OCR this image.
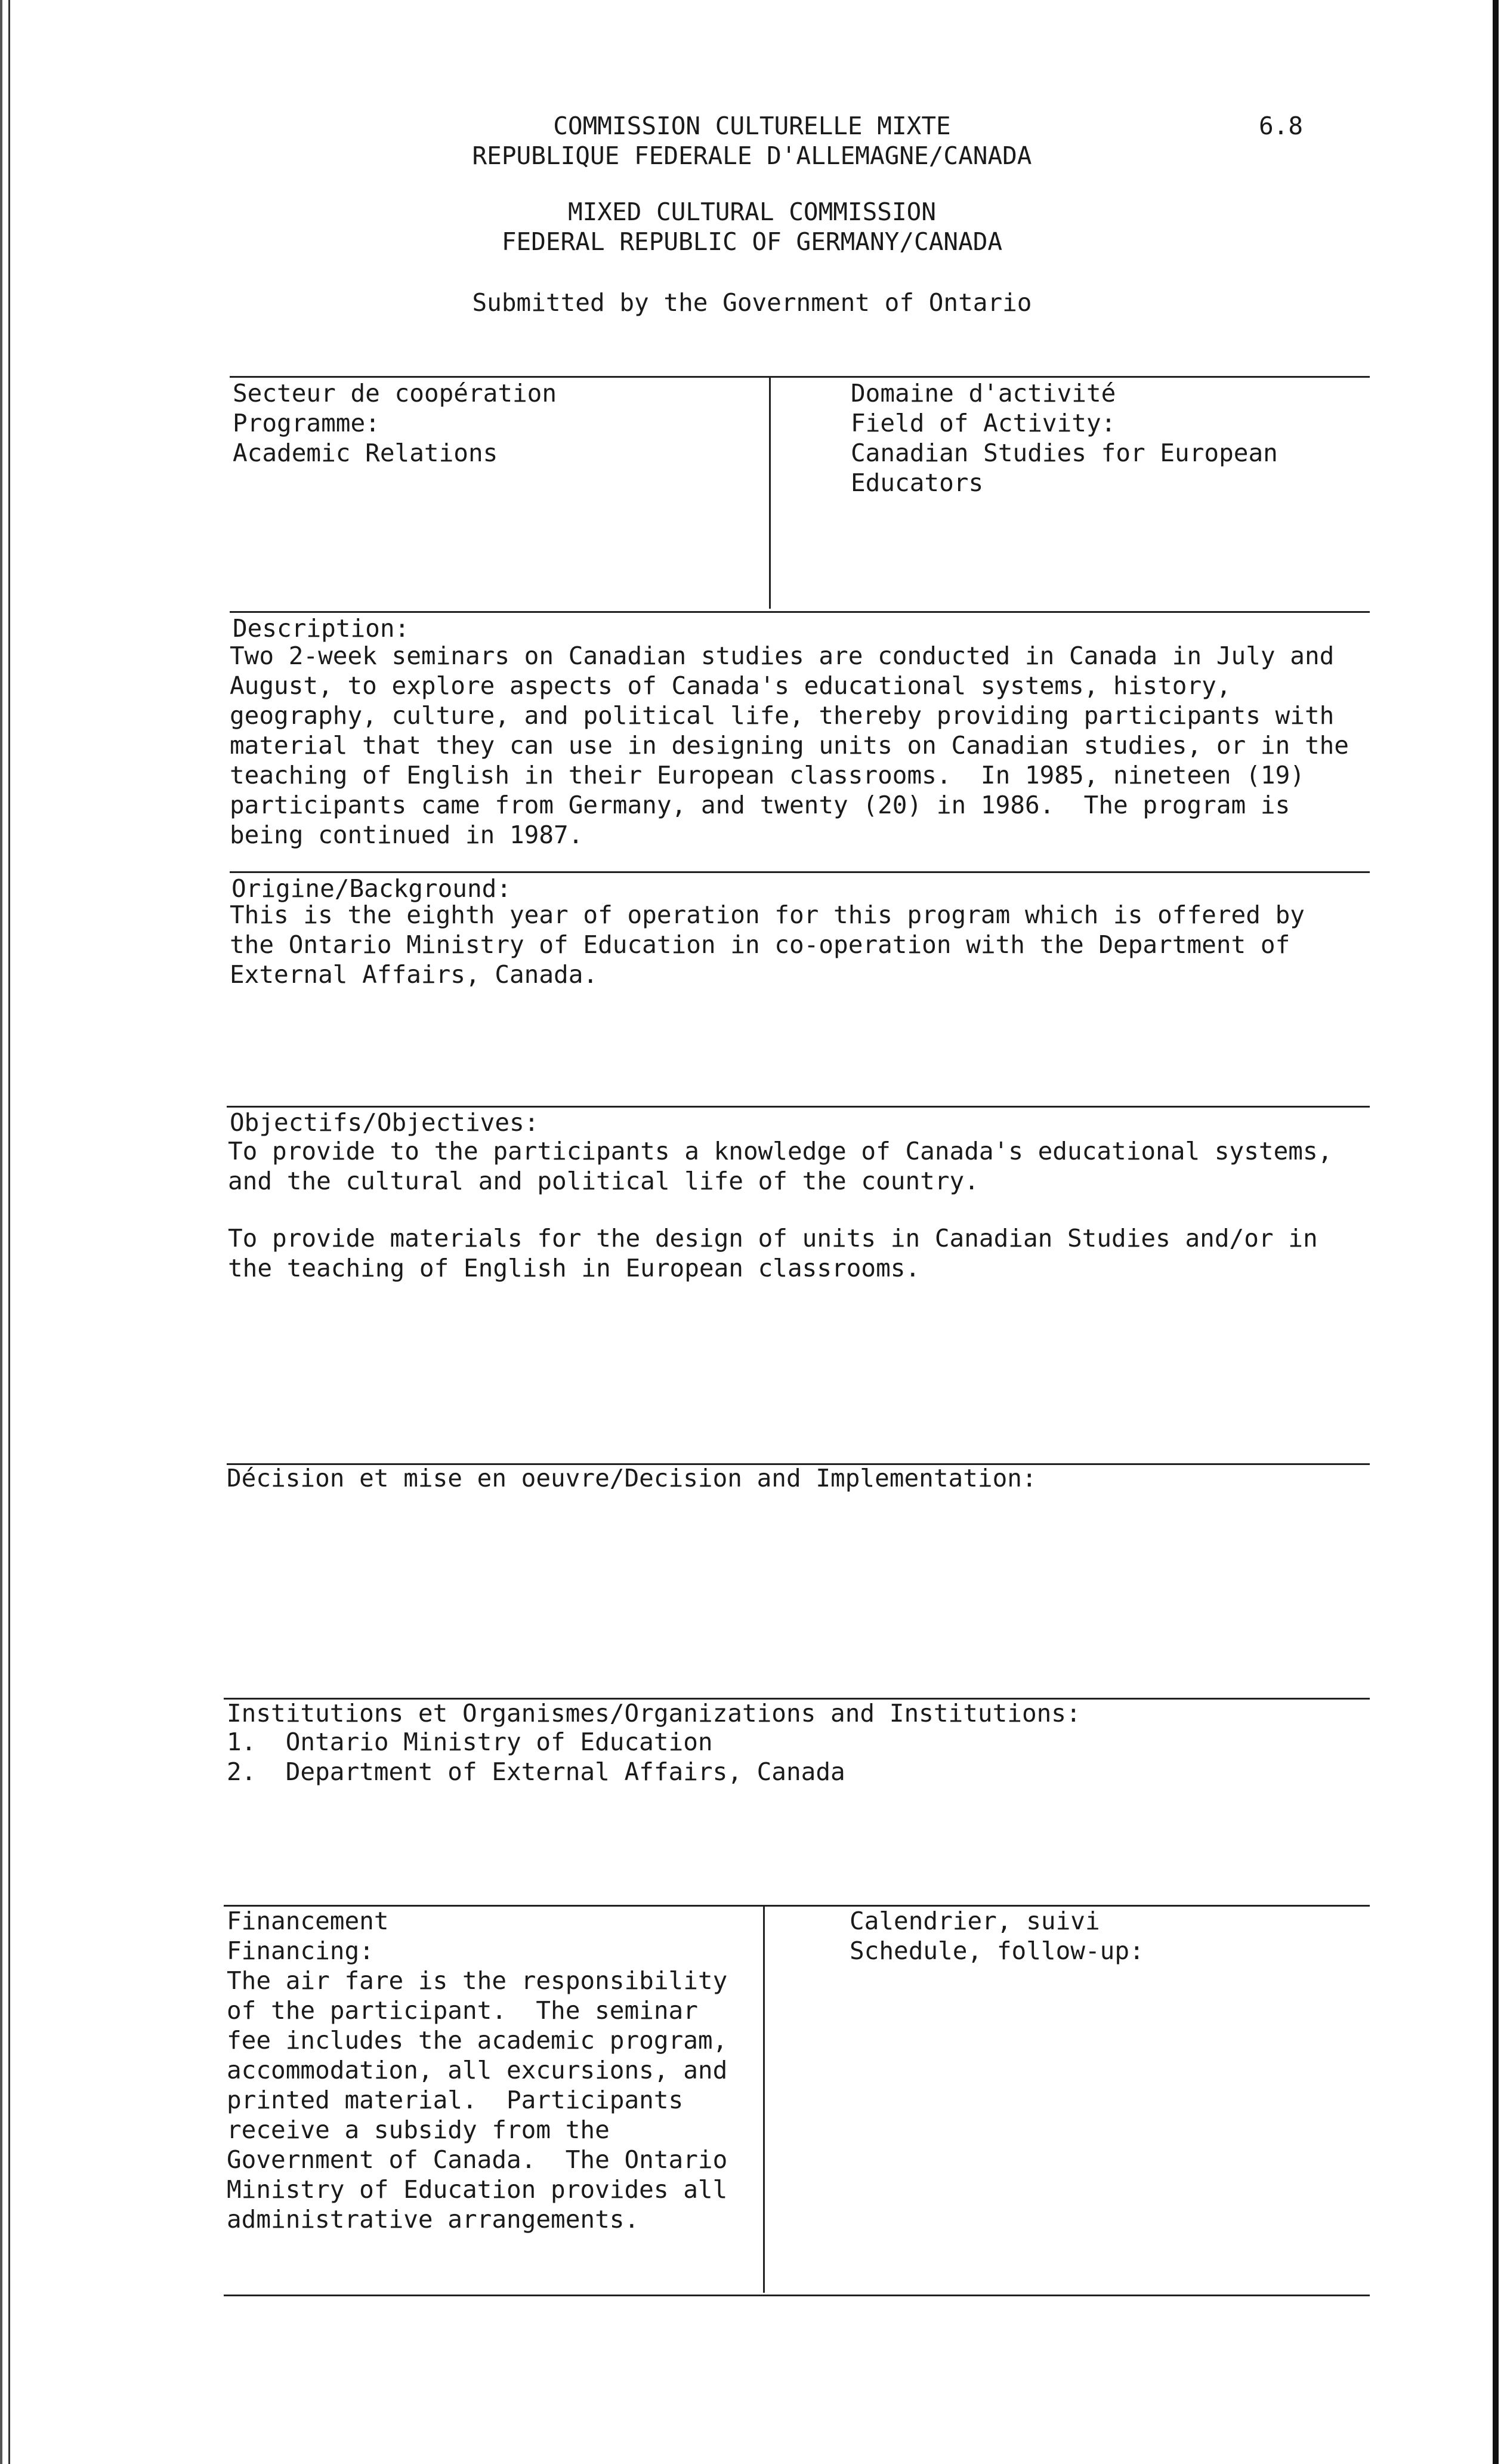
COMMISSION CULTURELLE MIXTE
REPUBLIQUE FEDERALE D'ALLEMAGNE/CANADA
MIXED CULTURAL COMMISSION
FEDERAL REPUBLIC OF GERMANY/CANADA
Submitted by the Government of Ontario
6.8
Secteur de coopération
Programme:
Academic Relations
Domaine d'activité
Field of Activity:
Canadian Studies for European
Educators
Description:
Two 2-week seminars on Canadian studies are conducted in Canada in July and
August, to explore aspects of Canada's educational systems, history,
geography, culture, and political life, thereby providing participants with
material that they can use in designing units on Canadian studies, or in the
teaching of English in their European classrooms.  In 1985, nineteen (19)
participants came from Germany, and twenty (20) in 1986.  The program is
being continued in 1987.
Origine/Background:
This is the eighth year of operation for this program which is offered by
the Ontario Ministry of Education in co-operation with the Department of
External Affairs, Canada.
Objectifs/Objectives:
To provide to the participants a knowledge of Canada's educational systems,
and the cultural and political life of the country.
To provide materials for the design of units in Canadian Studies and/or in
the teaching of English in European classrooms.
Décision et mise en oeuvre/Decision and Implementation:
Institutions et Organismes/Organizations and Institutions:
1.  Ontario Ministry of Education
2.  Department of External Affairs, Canada
Financement
Financing:
The air fare is the responsibility
of the participant.  The seminar
fee includes the academic program,
accommodation, all excursions, and
printed material.  Participants
receive a subsidy from the
Government of Canada.  The Ontario
Ministry of Education provides all
administrative arrangements.
Calendrier, suivi
Schedule, follow-up:
